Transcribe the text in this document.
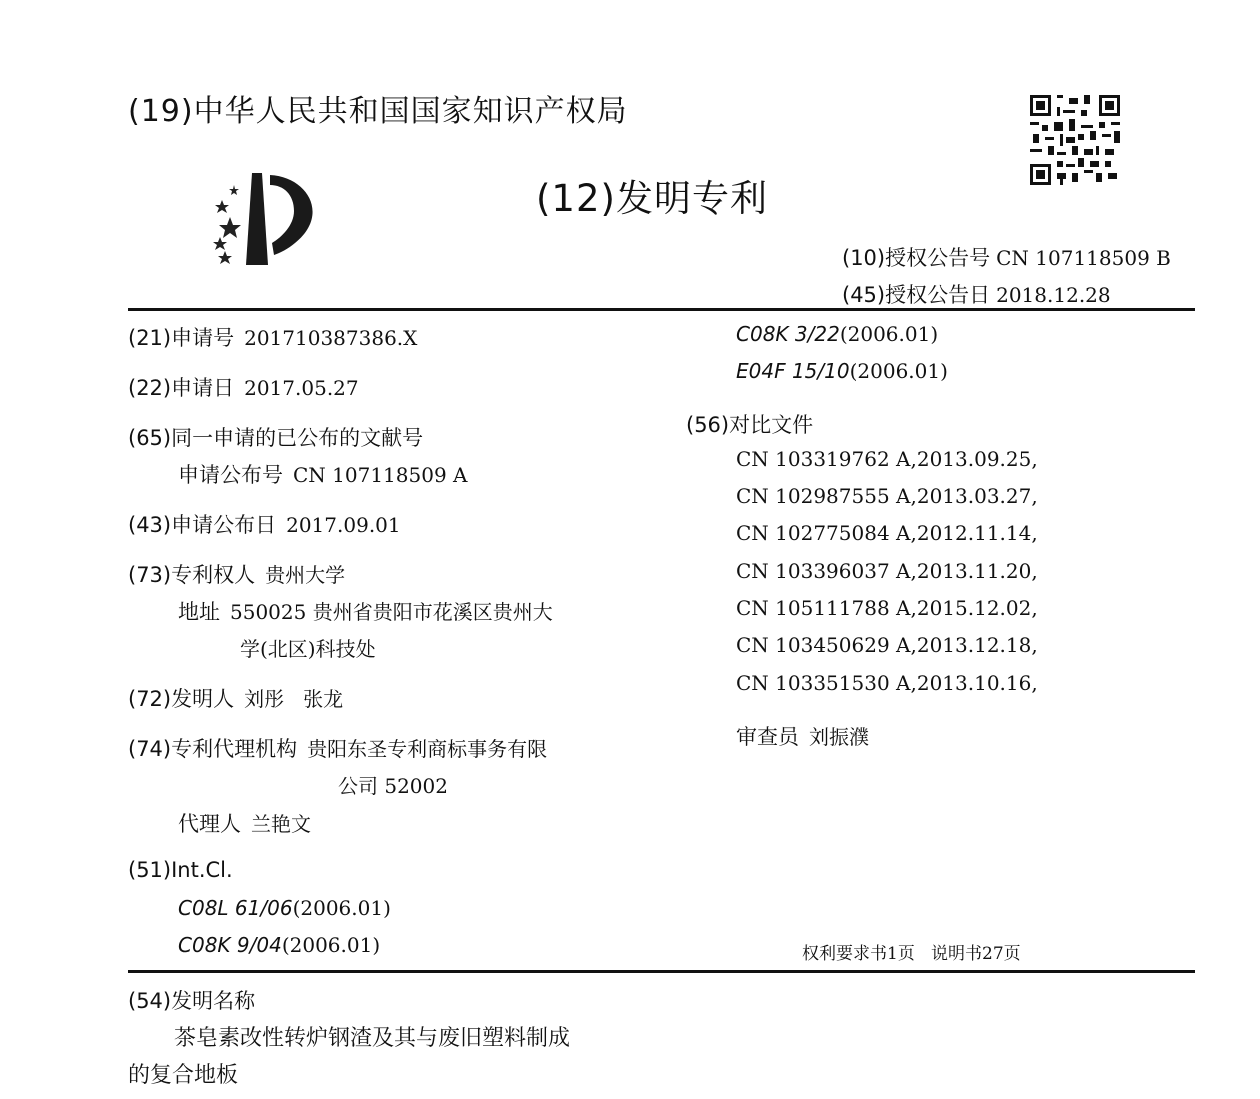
(19)中华人民共和国国家知识产权局
(12)发明专利
(10)授权公告号 CN 107118509 B
(45)授权公告日 2018.12.28
(21)申请号 201710387386.X
(22)申请日 2017.05.27
(65)同一申请的已公布的文献号
申请公布号 CN 107118509 A
(43)申请公布日 2017.09.01
(73)专利权人 贵州大学
地址 550025 贵州省贵阳市花溪区贵州大
学(北区)科技处
(72)发明人 刘彤   张龙
(74)专利代理机构 贵阳东圣专利商标事务有限
公司 52002
代理人 兰艳文
(51)Int.Cl.
C08L 61/06(2006.01)
C08K 9/04(2006.01)
C08K 3/22(2006.01)
E04F 15/10(2006.01)
(56)对比文件
CN 103319762 A,2013.09.25,
CN 102987555 A,2013.03.27,
CN 102775084 A,2012.11.14,
CN 103396037 A,2013.11.20,
CN 105111788 A,2015.12.02,
CN 103450629 A,2013.12.18,
CN 103351530 A,2013.10.16,
审查员 刘振濮
权利要求书1页   说明书27页
(54)发明名称
茶皂素改性转炉钢渣及其与废旧塑料制成
的复合地板
